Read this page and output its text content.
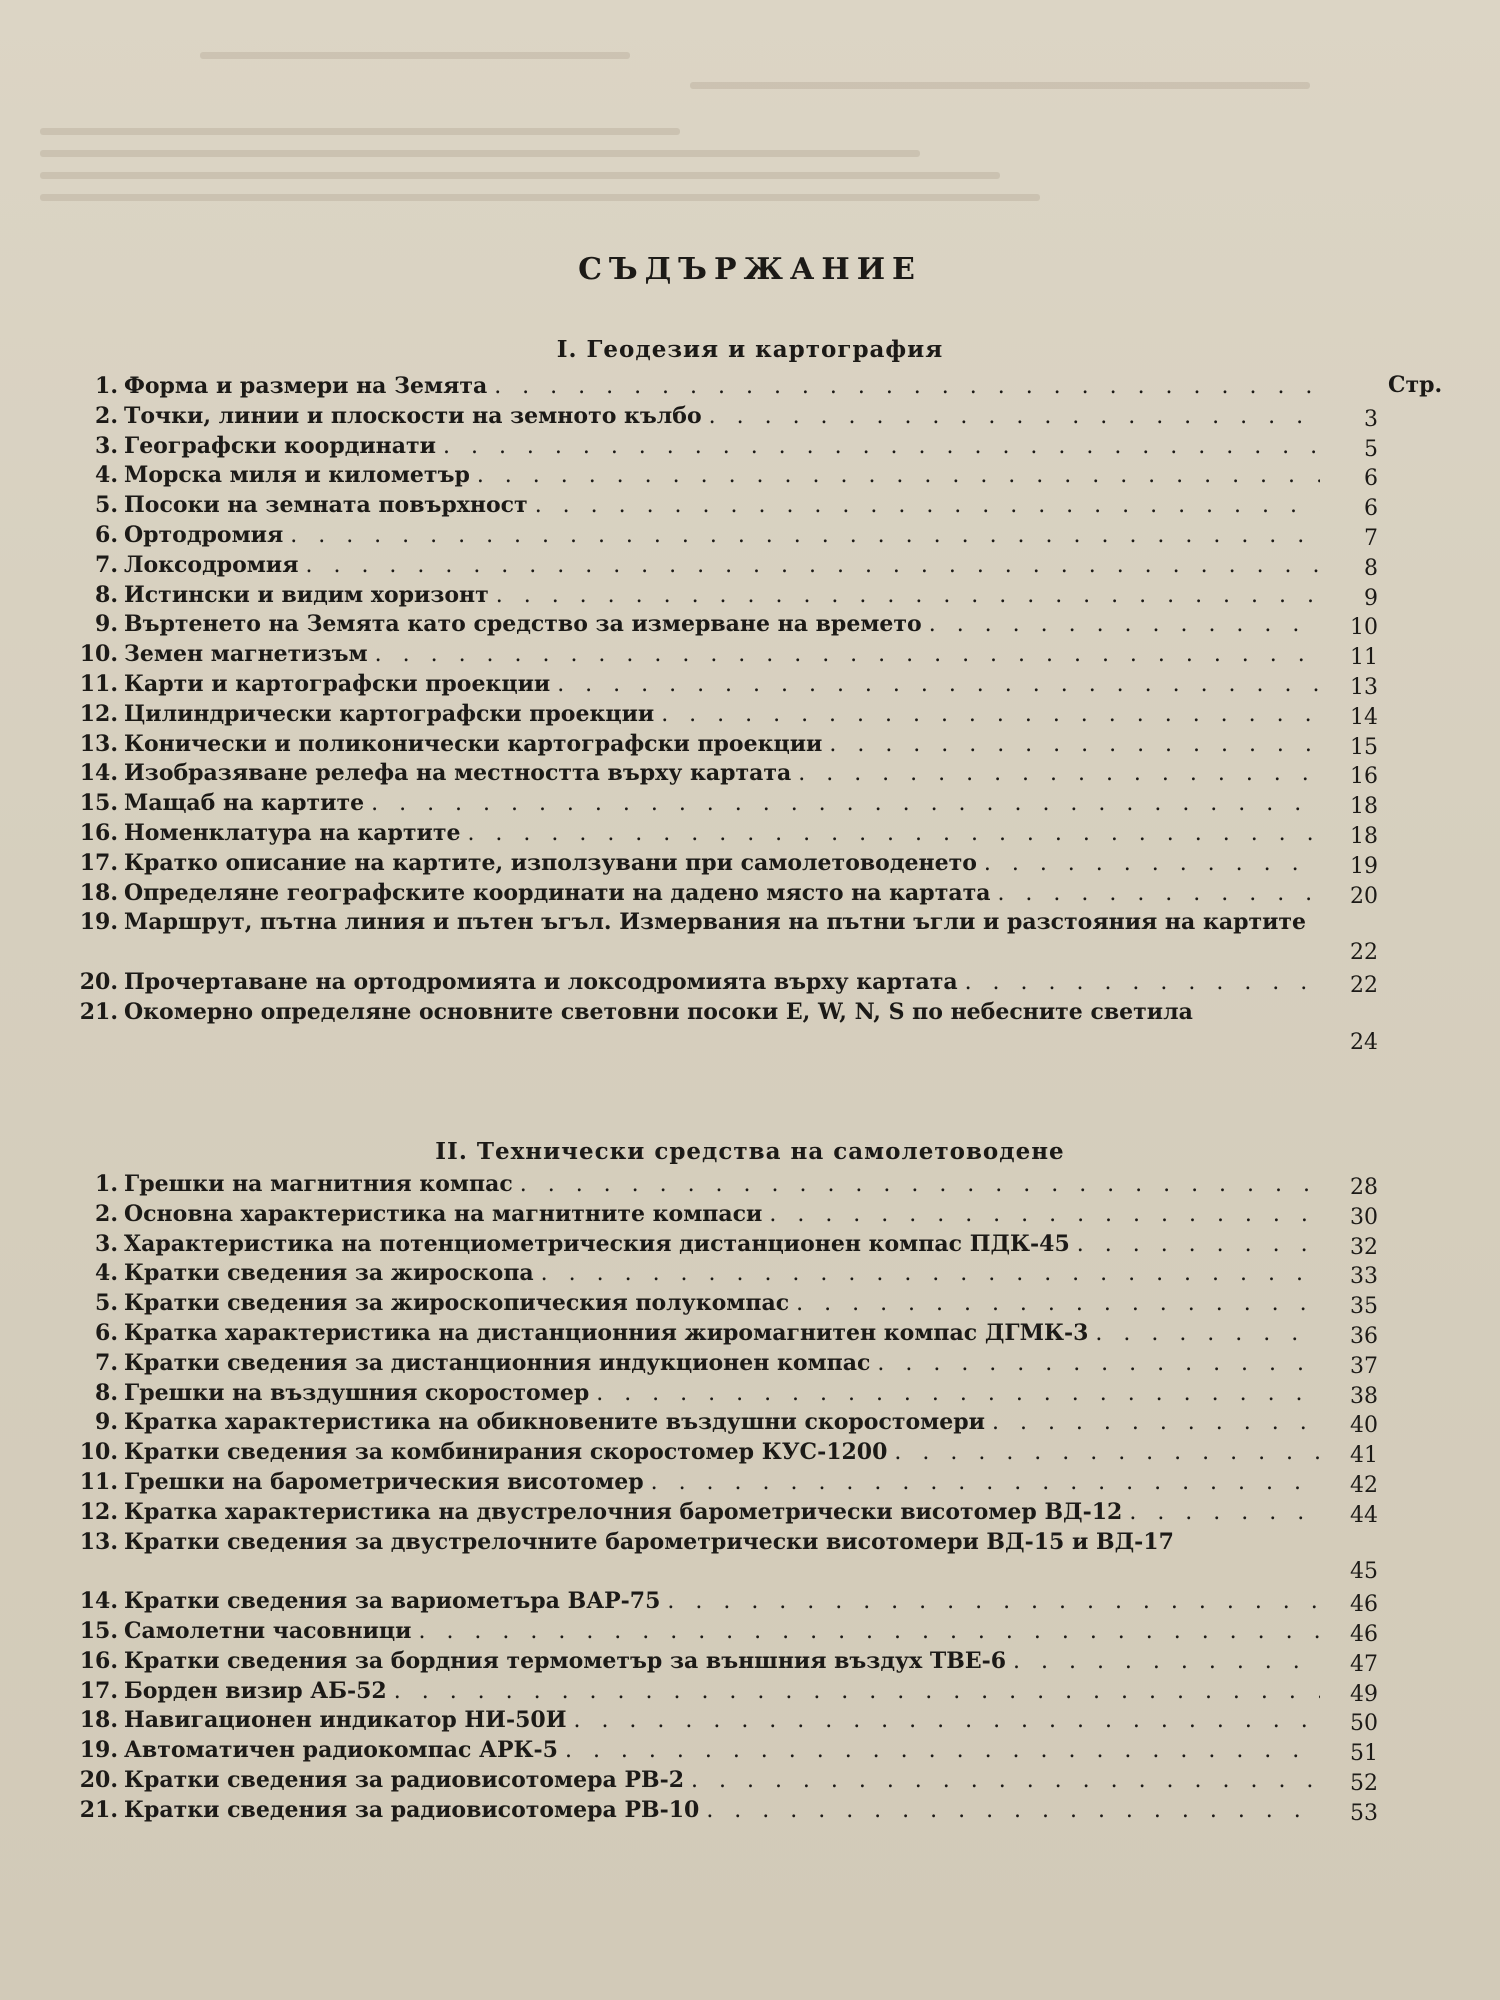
СЪДЪРЖАНИЕ
I. Геодезия и картография
Стр.
1. Форма и размери на Земята . .
2. Точки, линии и плоскости на земното кълбо . .	3
3. Географски координати . .	5
4. Морска миля и километър . .	6
5. Посоки на земната повърхност . .	6
6. Ортодромия . .	7
7. Локсодромия . .	8
8. Истински и видим хоризонт . .	9
9. Въртенето на Земята като средство за измерване на времето . .	10
10. Земен магнетизъм . .	11
11. Карти и картографски проекции . .	13
12. Цилиндрически картографски проекции . .	14
13. Конически и поликонически картографски проекции . .	15
14. Изобразяване релефа на местността върху картата . .	16
15. Мащаб на картите . .	18
16. Номенклатура на картите . .	18
17. Кратко описание на картите, използувани при самолетоводенето . .	19
18. Определяне географските координати на дадено място на картата . .	20
19. Маршрут, пътна линия и пътен ъгъл. Измервания на пътни ъгли и разстояния на картите
22
20. Прочертаване на ортодромията и локсодромията върху картата . .	22
21. Окомерно определяне основните световни посоки E, W, N, S по небесните светила
24
II. Технически средства на самолетоводене
1. Грешки на магнитния компас . .	28
2. Основна характеристика на магнитните компаси . .	30
3. Характеристика на потенциометрическия дистанционен компас ПДК-45 . .	32
4. Кратки сведения за жироскопа . .	33
5. Кратки сведения за жироскопическия полукомпас . .	35
6. Кратка характеристика на дистанционния жиромагнитен компас ДГМК-3 . .	36
7. Кратки сведения за дистанционния индукционен компас . .	37
8. Грешки на въздушния скоростомер . .	38
9. Кратка характеристика на обикновените въздушни скоростомери . .	40
10. Кратки сведения за комбинирания скоростомер КУС-1200 . .	41
11. Грешки на барометрическия висотомер . .	42
12. Кратка характеристика на двустрелочния барометрически висотомер ВД-12 . .	44
13. Кратки сведения за двустрелочните барометрически висотомери ВД-15 и ВД-17
45
14. Кратки сведения за вариометъра ВАР-75 . .	46
15. Самолетни часовници . .	46
16. Кратки сведения за бордния термометър за външния въздух ТВЕ-6 . .	47
17. Борден визир АБ-52 . .	49
18. Навигационен индикатор НИ-50И . .	50
19. Автоматичен радиокомпас АРК-5 . .	51
20. Кратки сведения за радиовисотомера РВ-2 . .	52
21. Кратки сведения за радиовисотомера РВ-10 . .	53
